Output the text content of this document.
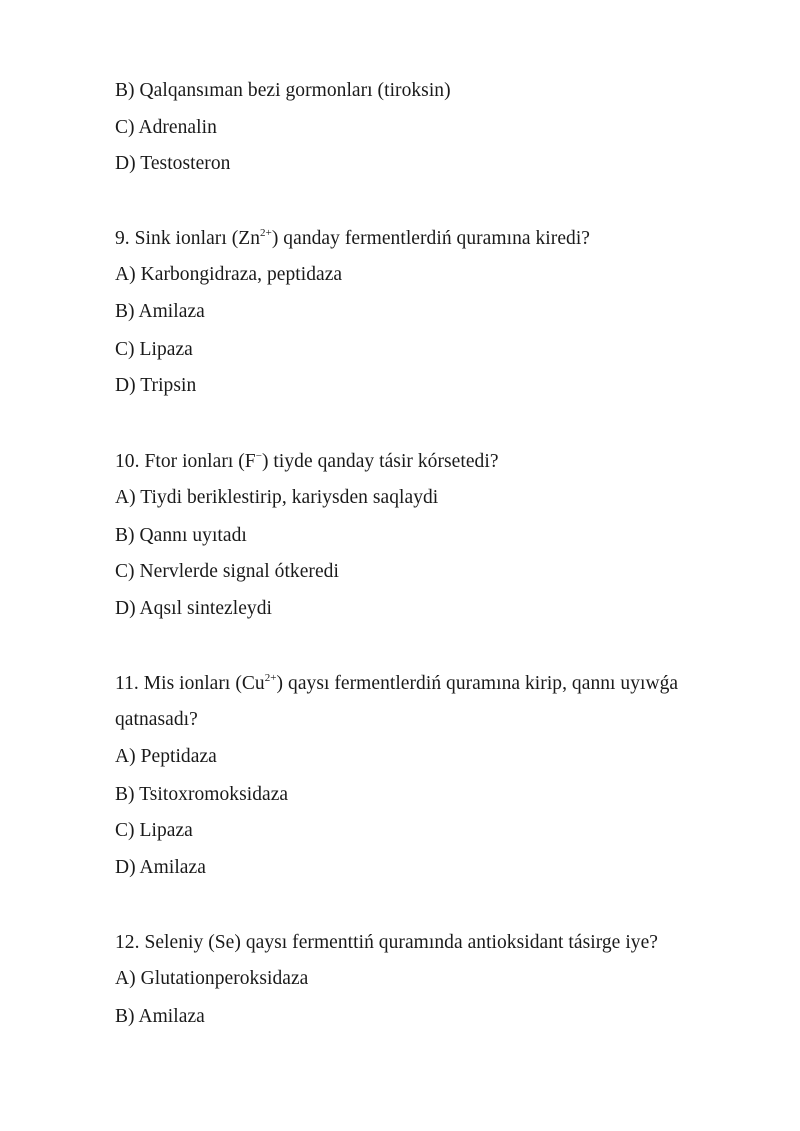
B) Qalqansıman bezi gormonları (tiroksin)
C) Adrenalin
D) Testosteron
9. Sink ionları $(Zn^{2+})$ qanday fermentlerdiń quramına kiredi?
A) Karbongidraza, peptidaza
B) Amilaza
C) Lipaza
D) Tripsin
10. Ftor ionları (F−) tiyde qanday tásir kórsetedi?
A) Tiydi beriklestirip, kariysden saqlaydi
B) Qannı uyıtadı
C) Nervlerde signal ótkeredi
D) Aqsıl sintezleydi
11. Mis ionları $(Cu^{2+})$ qaysı fermentlerdiń quramına kirip, qannı uyıwǵa
qatnasadı?
A) Peptidaza
B) Tsitoxromoksidaza
C) Lipaza
D) Amilaza
12. Seleniy (Se) qaysı fermenttiń quramında antioksidant tásirge iye?
A) Glutationperoksidaza
B) Amilaza
